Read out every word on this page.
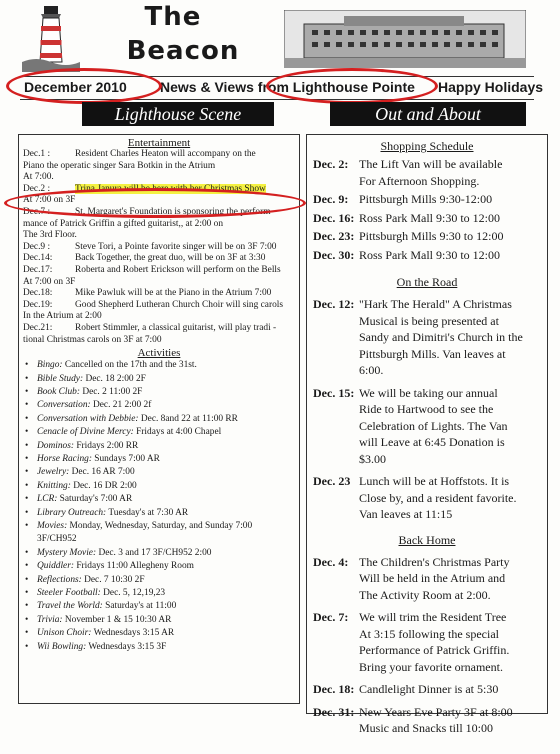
The
Beacon
December 2010 News & Views from Lighthouse Pointe Happy Holidays
Lighthouse Scene	Out and About
Entertainment

Dec.1 :	Resident Charles Heaton will accompany on the

Piano the operatic singer Sara Botkin in the Atrium

At 7:00.

Dec.2 :	Trina Janura will be here with her Christmas Show

At 7:00 on 3F

Dec.7 :	St. Margaret's Foundation is sponsoring the perform-

mance of Patrick Griffin a gifted guitarist,, at 2:00 on

The 3rd Floor.

Dec.9 :	Steve Tori, a Pointe favorite singer will be on 3F 7:00

Dec.14: Back Together, the great duo, will be on 3F at 3:30

Dec.17: Roberta and Robert Erickson will perform on the Bells

At 7:00 on 3F

Dec.18: Mike Pawluk will be at the Piano in the Atrium 7:00

Dec.19: Good Shepherd Lutheran Church Choir will sing carols

In the Atrium at 2:00

Dec.21: Robert Stimmler, a classical guitarist, will play tradi -

tional Christmas carols on 3F at 7:00

Activities

• Bingo: Cancelled on the 17th and the 31st.

• Bible Study: Dec. 18 2:00 2F

• Book Club: Dec. 2 11:00 2F

• Conversation: Dec. 21 2:00 2f

• Conversation with Debbie: Dec. 8and 22 at 11:00 RR

• Cenacle of Divine Mercy: Fridays at 4:00 Chapel

• Dominos: Fridays 2:00 RR

• Horse Racing: Sundays 7:00 AR

• Jewelry: Dec. 16 AR 7:00

• Knitting: Dec. 16 DR 2:00

• LCR: Saturday's 7:00 AR

• Library Outreach: Tuesday's at 7:30 AR

• Movies: Monday, Wednesday, Saturday, and Sunday 7:00

3F/CH952

• Mystery Movie: Dec. 3 and 17 3F/CH952 2:00

• Quiddler: Fridays 11:00 Allegheny Room

• Reflections: Dec. 7 10:30 2F

• Steeler Football: Dec. 5, 12,19,23

• Travel the World: Saturday's at 11:00

• Trivia: November 1 & 15 10:30 AR

• Unison Choir: Wednesdays 3:15 AR

• Wii Bowling: Wednesdays 3:15 3F

Shopping Schedule
Dec. 2: The Lift Van will be available
For Afternoon Shopping.
Dec. 9: Pittsburgh Mills 9:30-12:00
Dec. 16: Ross Park Mall 9:30 to 12:00
Dec. 23: Pittsburgh Mills 9:30 to 12:00
Dec. 30: Ross Park Mall 9:30 to 12:00
On the Road
Dec. 12: "Hark The Herald" A Christmas
Musical is being presented at
Sandy and Dimitri's Church in the
Pittsburgh Mills. Van leaves at
6:00.
Dec. 15: We will be taking our annual
Ride to Hartwood to see the
Celebration of Lights. The Van
will Leave at 6:45 Donation is
$3.00
Dec. 23 Lunch will be at Hoffstots. It is
Close by, and a resident favorite.
Van leaves at 11:15
Back Home
Dec. 4: The Children's Christmas Party
Will be held in the Atrium and
The Activity Room at 2:00.
Dec. 7: We will trim the Resident Tree
At 3:15 following the special
Performance of Patrick Griffin.
Bring your favorite ornament.
Dec. 18: Candlelight Dinner is at 5:30
Dec. 31: New Years Eve Party 3F at 8:00
Music and Snacks till 10:00
